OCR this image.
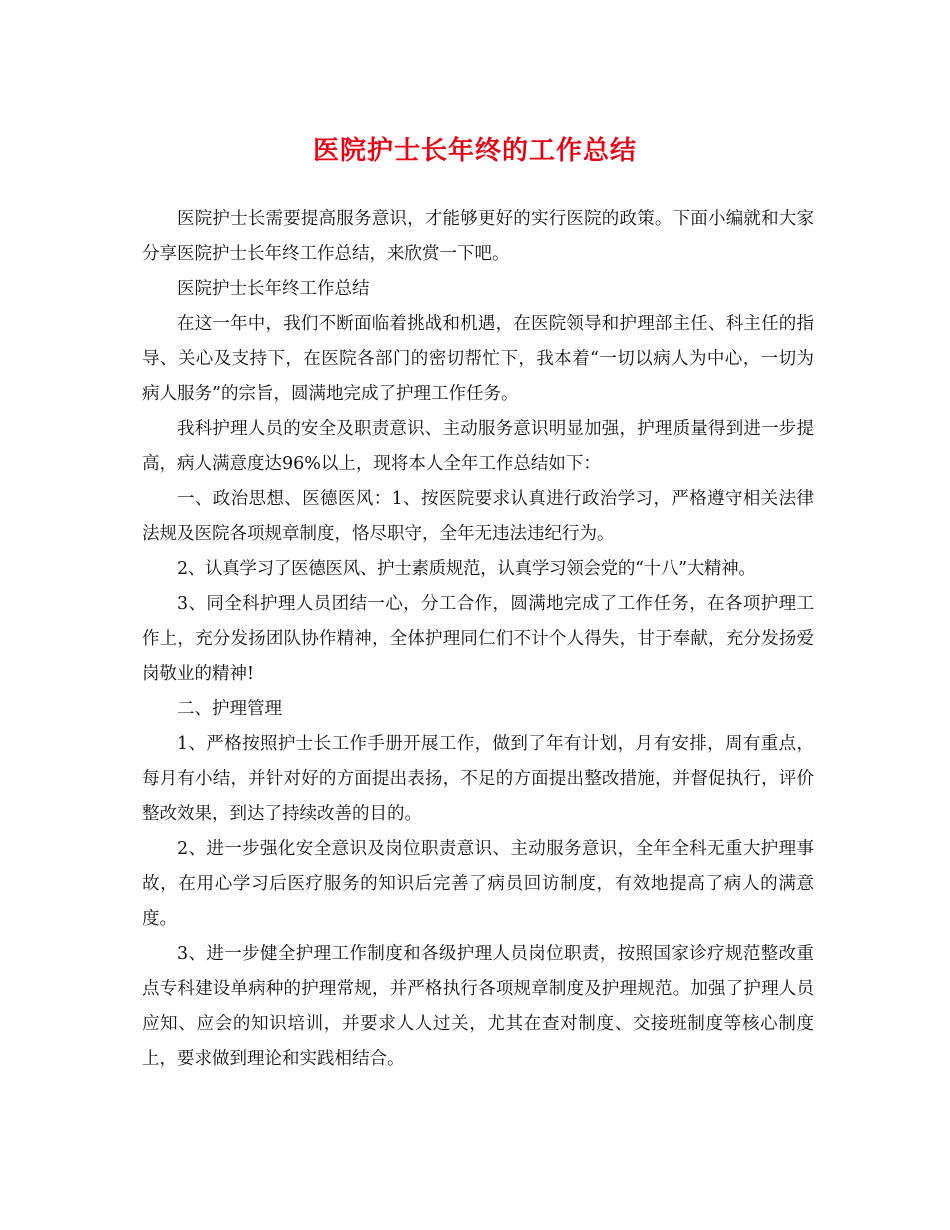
医院护士长年终的工作总结

医院护士长需要提高服务意识，才能够更好的实行医院的政策。下面小编就和大家分享医院护士长年终工作总结，来欣赏一下吧。

医院护士长年终工作总结

在这一年中，我们不断面临着挑战和机遇，在医院领导和护理部主任、科主任的指导、关心及支持下，在医院各部门的密切帮忙下，我本着“一切以病人为中心，一切为病人服务”的宗旨，圆满地完成了护理工作任务。

我科护理人员的安全及职责意识、主动服务意识明显加强，护理质量得到进一步提高，病人满意度达96%以上，现将本人全年工作总结如下：

一、政治思想、医德医风：1、按医院要求认真进行政治学习，严格遵守相关法律法规及医院各项规章制度，恪尽职守，全年无违法违纪行为。

2、认真学习了医德医风、护士素质规范，认真学习领会党的“十八”大精神。

3、同全科护理人员团结一心，分工合作，圆满地完成了工作任务，在各项护理工作上，充分发扬团队协作精神，全体护理同仁们不计个人得失，甘于奉献，充分发扬爱岗敬业的精神!

二、护理管理

1、严格按照护士长工作手册开展工作，做到了年有计划，月有安排，周有重点，每月有小结，并针对好的方面提出表扬，不足的方面提出整改措施，并督促执行，评价整改效果，到达了持续改善的目的。

2、进一步强化安全意识及岗位职责意识、主动服务意识，全年全科无重大护理事故，在用心学习后医疗服务的知识后完善了病员回访制度，有效地提高了病人的满意度。

3、进一步健全护理工作制度和各级护理人员岗位职责，按照国家诊疗规范整改重点专科建设单病种的护理常规，并严格执行各项规章制度及护理规范。加强了护理人员应知、应会的知识培训，并要求人人过关，尤其在查对制度、交接班制度等核心制度上，要求做到理论和实践相结合。
